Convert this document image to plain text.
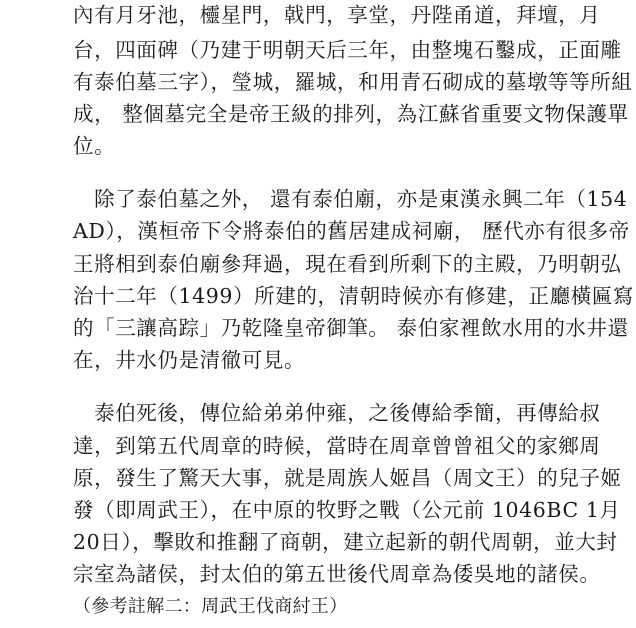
內有月牙池，欞星門，戟門，享堂，丹陛甬道，拜壇，月
台，四面碑（乃建于明朝天后三年，由整塊石鑿成，正面雕
有泰伯墓三字），瑩城，羅城，和用青石砌成的墓墩等等所組
成， 整個墓完全是帝王級的排列，為江蘇省重要文物保護單
位。
　除了泰伯墓之外， 還有泰伯廟，亦是東漢永興二年（154
AD），漢桓帝下令將泰伯的舊居建成祠廟， 歷代亦有很多帝
王將相到泰伯廟參拜過，現在看到所剩下的主殿，乃明朝弘
治十二年（1499）所建的，清朝時候亦有修建，正廳橫匾寫
的「三讓高踪」乃乾隆皇帝御筆。 泰伯家裡飲水用的水井還
在，井水仍是清徹可見。
　泰伯死後，傳位給弟弟仲雍，之後傳給季簡，再傳給叔
達，到第五代周章的時候，當時在周章曾曾祖父的家鄉周
原，發生了驚天大事，就是周族人姬昌（周文王）的兒子姬
發（即周武王），在中原的牧野之戰（公元前 1046BC 1月
20日），擊敗和推翻了商朝，建立起新的朝代周朝，並大封
宗室為諸侯，封太伯的第五世後代周章為倭吳地的諸侯。
（參考註解二：周武王伐商紂王）
